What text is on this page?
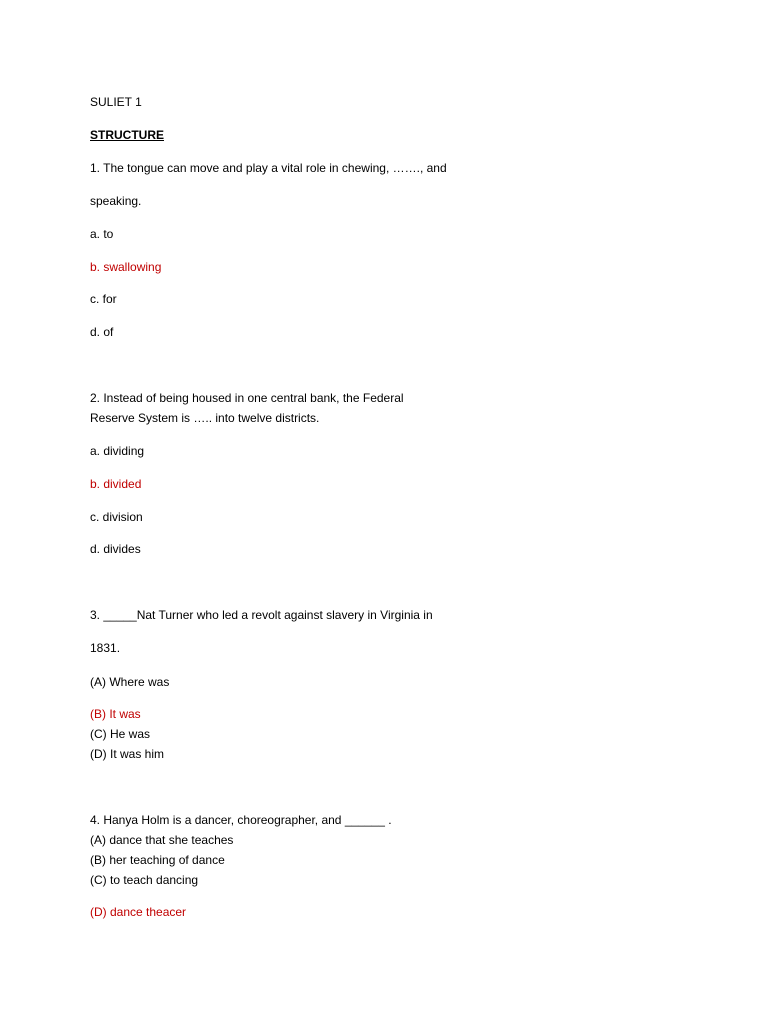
SULIET 1
STRUCTURE
1. The tongue can move and play a vital role in chewing, ……., and
speaking.
a. to
b. swallowing
c. for
d. of
2. Instead of being housed in one central bank, the Federal
Reserve System is ….. into twelve districts.
a. dividing
b. divided
c. division
d. divides
3. _____Nat Turner who led a revolt against slavery in Virginia in
1831.
(A) Where was
(B) It was
(C) He was
(D) It was him
4. Hanya Holm is a dancer, choreographer, and ______ .
(A) dance that she teaches
(B) her teaching of dance
(C) to teach dancing
(D) dance theacer
